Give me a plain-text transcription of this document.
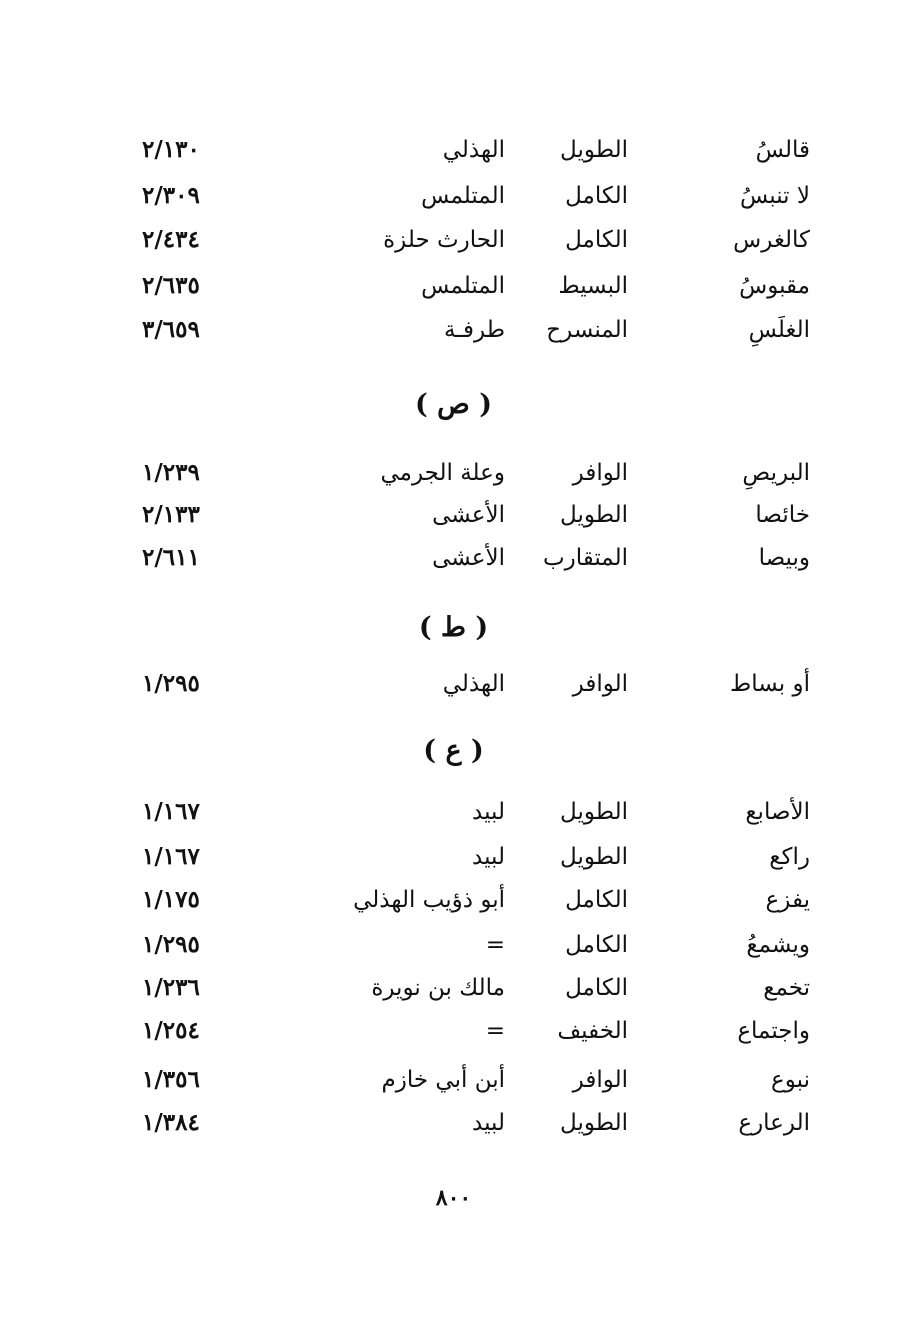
قالسُ
الطويل
الهذلي
٢/١٣٠
لا تنبسُ
الكامل
المتلمس
٢/٣٠٩
كالغرس
الكامل
الحارث حلزة
٢/٤٣٤
مقبوسُ
البسيط
المتلمس
٢/٦٣٥
الغلَسِ
المنسرح
طرفـة
٣/٦٥٩
( ص )
البريصِ
الوافر
وعلة الجرمي
١/٢٣٩
خائصا
الطويل
الأعشى
٢/١٣٣
وبيصا
المتقارب
الأعشى
٢/٦١١
( ط )
أو بساط
الوافر
الهذلي
١/٢٩٥
( ع )
الأصابع
الطويل
لبيد
١/١٦٧
راكع
الطويل
لبيد
١/١٦٧
يفزع
الكامل
أبو ذؤيب الهذلي
١/١٧٥
ويشمعُ
الكامل
=
١/٢٩٥
تخمع
الكامل
مالك بن نويرة
١/٢٣٦
واجتماع
الخفيف
=
١/٢٥٤
نبوع
الوافر
أبن أبي خازم
١/٣٥٦
الرعارع
الطويل
لبيد
١/٣٨٤
٨٠٠
